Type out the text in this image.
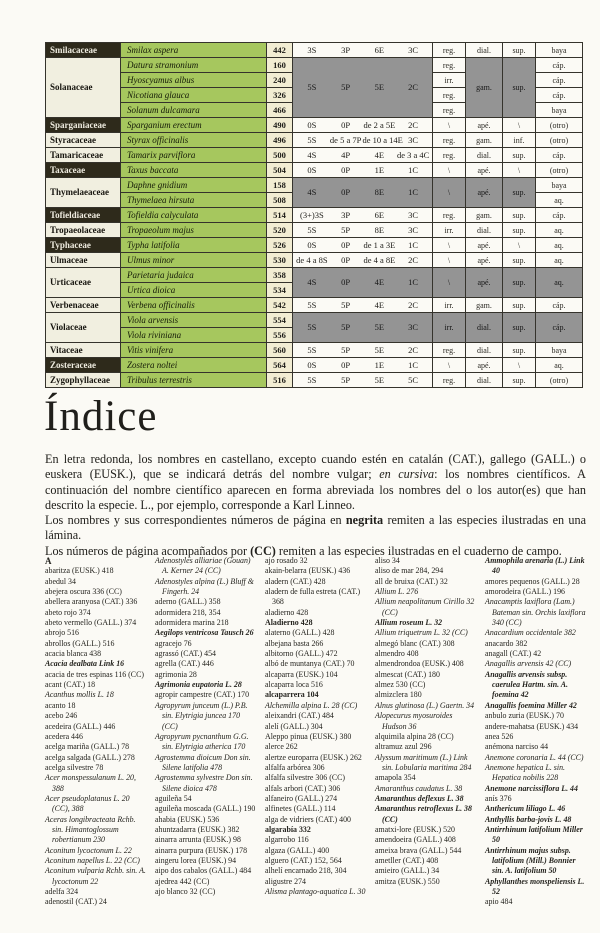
Smilacaceae	Smilax aspera	442	3S 3P 6E 3C	reg.	dial.	sup.	baya
Solanaceae	Datura stramonium	160	5S 5P 5E 2C	reg.	gam.	sup.	cáp.
	Hyoscyamus albus	240		irr.			cáp.
	Nicotiana glauca	326		reg.			cáp.
	Solanum dulcamara	466		reg.			baya
Sparganiaceae	Sparganium erectum	490	0S 0P de 2 a 5E 2C	\	apé.	\	(otro)
Styracaceae	Styrax officinalis	496	5S de 5 a 7Pde 10 a 14E 3C	reg.	gam.	inf.	(otro)
Tamaricaceae	Tamarix parviflora	500	4S 4P 4E de 3 a 4C	reg.	dial.	sup.	cáp.
Taxaceae	Taxus baccata	504	0S 0P 1E 1C	\	apé.	\	(otro)
Thymelaeaceae	Daphne gnidium	158	4S 0P 8E 1C	\	apé.	sup.	baya
	Thymelaea hirsuta	508					aq.
Tofieldiaceae	Tofieldia calyculata	514	(3+)3S 3P 6E 3C	reg.	gam.	sup.	cáp.
Tropaeolaceae	Tropaeolum majus	520	5S 5P 8E 3C	irr.	dial.	sup.	aq.
Typhaceae	Typha latifolia	526	0S 0P de 1 a 3E 1C	\	apé.	\	aq.
Ulmaceae	Ulmus minor	530	de 4 a 8S 0P de 4 a 8E 2C	\	apé.	sup.	aq.
Urticaceae	Parietaria judaica	358	4S 0P 4E 1C	\	apé.	sup.	aq.
	Urtica dioica	534					
Verbenaceae	Verbena officinalis	542	5S 5P 4E 2C	irr.	gam.	sup.	cáp.
Violaceae	Viola arvensis	554	5S 5P 5E 3C	irr.	dial.	sup.	cáp.
	Viola riviniana	556					
Vitaceae	Vitis vinifera	560	5S 5P 5E 2C	reg.	dial.	sup.	baya
Zosteraceae	Zostera noltei	564	0S 0P 1E 1C	\	apé.	\	aq.
Zygophyllaceae	Tribulus terrestris	516	5S 5P 5E 5C	reg.	dial.	sup.	(otro)
Índice

En letra redonda, los nombres en castellano, excepto cuando estén en catalán (CAT.), gallego (GALL.) o euskera (EUSK.), que se indicará detrás del nombre vulgar; en cursiva: los nombres científicos. A continuación del nombre científico aparecen en forma abreviada los nombres del o los autor(es) que han descrito la especie. L., por ejemplo, corresponde a Karl Linneo.

Los nombres y sus correspondientes números de página en negrita remiten a las especies ilustradas en una lámina.

Los números de página acompañados por (CC) remiten a las especies ilustradas en el cuaderno de campo.

A
abaritza (EUSK.) 418
abedul 34
abejera oscura 336 (CC)
abellera aranyosa (CAT.) 336
abeto rojo 374
abeto vermello (GALL.) 374
abrojo 516
abrollos (GALL.) 516
acacia blanca 438
Acacia dealbata Link 16
acacia de tres espinas 116 (CC)
acant (CAT.) 18
Acanthus mollis L. 18
acanto 18
acebo 246
acedeira (GALL.) 446
acedera 446
acelga mariña (GALL.) 78
acelga salgada (GALL.) 278
acelga silvestre 78
Acer monspessulanum L. 20, 388
Acer pseudoplatanus L. 20 (CC), 388
Aceras longibracteata Rchb. sin. Himantoglossum robertianum 230
Aconitum lycoctonum L. 22
Aconitum napellus L. 22 (CC)
Aconitum vulparia Rchb. sin. A. lycoctonum 22
adelfa 324
adenostil (CAT.) 24
Adenostyles alliariae (Gouan) A. Kerner 24 (CC)
Adenostyles alpina (L.) Bluff & Fingerh. 24
aderno (GALL.) 358
adormidera 218, 354
adormidera marina 218
Aegilops ventricosa Tausch 26
agracejo 76
agrassó (CAT.) 454
agrella (CAT.) 446
agrimonia 28
Agrimonia eupatoria L. 28
agropir campestre (CAT.) 170
Agropyrum junceum (L.) P.B. sin. Elytrigia juncea 170 (CC)
Agropyrum pycnanthum G.G. sin. Elytrigia atherica 170
Agrostemma dioicum Don sin. Silene latifolia 478
Agrostemma sylvestre Don sin. Silene dioica 478
aguileña 54
aguileña moscada (GALL.) 190
ahabia (EUSK.) 536
ahuntzadarra (EUSK.) 382
ainarra arrunta (EUSK.) 98
ainarra purpura (EUSK.) 178
aingeru lorea (EUSK.) 94
aipo dos cabalos (GALL.) 484
ajedrea 442 (CC)
ajo blanco 32 (CC)
ajo rosado 32
akain-belarra (EUSK.) 436
aladern (CAT.) 428
aladern de fulla estreta (CAT.) 368
aladierno 428
Aladierno 428
alaterno (GALL.) 428
albejana basta 266
albitorno (GALL.) 472
albó de muntanya (CAT.) 70
alcaparra (EUSK.) 104
alcaparra loca 516
alcaparrera 104
Alchemilla alpina L. 28 (CC)
aleixandri (CAT.) 484
alelí (GALL.) 304
Aleppo pinua (EUSK.) 380
alerce 262
alertze europarra (EUSK.) 262
alfalfa arbórea 306
alfalfa silvestre 306 (CC)
alfals arbori (CAT.) 306
alfaneiro (GALL.) 274
alfinetes (GALL.) 114
alga de vidriers (CAT.) 400
algarabía 332
algarrobo 116
algaza (GALL.) 400
alguero (CAT.) 152, 564
alhelí encarnado 218, 304
aligustre 274
Alisma plantago-aquatica L. 30
aliso 34
aliso de mar 284, 294
all de bruixa (CAT.) 32
Allium L. 276
Allium neapolitanum Cirillo 32 (CC)
Allium roseum L. 32
Allium triquetrum L. 32 (CC)
almegó blanc (CAT.) 308
almendro 408
almendrondoa (EUSK.) 408
almescat (CAT.) 180
almez 530 (CC)
almizclera 180
Alnus glutinosa (L.) Gaertn. 34
Alopecurus myosuroides Hudson 36
alquimila alpina 28 (CC)
altramuz azul 296
Alyssum maritimum (L.) Link sin. Lobularia maritima 284
amapola 354
Amaranthus caudatus L. 38
Amaranthus deflexus L. 38
Amaranthus retroflexus L. 38 (CC)
amatxi-lore (EUSK.) 520
amendoeira (GALL.) 408
ameixa brava (GALL.) 544
ametller (CAT.) 408
amieiro (GALL.) 34
amitza (EUSK.) 550
Ammophila arenaria (L.) Link 40
amores pequenos (GALL.) 28
amorodeira (GALL.) 196
Anacamptis laxiflora (Lam.) Bateman sin. Orchis laxiflora 340 (CC)
Anacardium occidentale 382
anacardo 382
anagall (CAT.) 42
Anagallis arvensis 42 (CC)
Anagallis arvensis subsp. caerulea Hartm. sin. A. foemina 42
Anagallis foemina Miller 42
anbulo zuria (EUSK.) 70
andere-mahatsa (EUSK.) 434
anea 526
anémona narciso 44
Anemone coronaria L. 44 (CC)
Anemone hepatica L. sin. Hepatica nobilis 228
Anemone narcissiflora L. 44
anís 376
Anthericum liliago L. 46
Anthyllis barba-jovis L. 48
Antirrhinum latifolium Miller 50
Antirrhinum majus subsp. latifolium (Mill.) Bonnier sin. A. latifolium 50
Aphyllanthes monspeliensis L. 52
apio 484
